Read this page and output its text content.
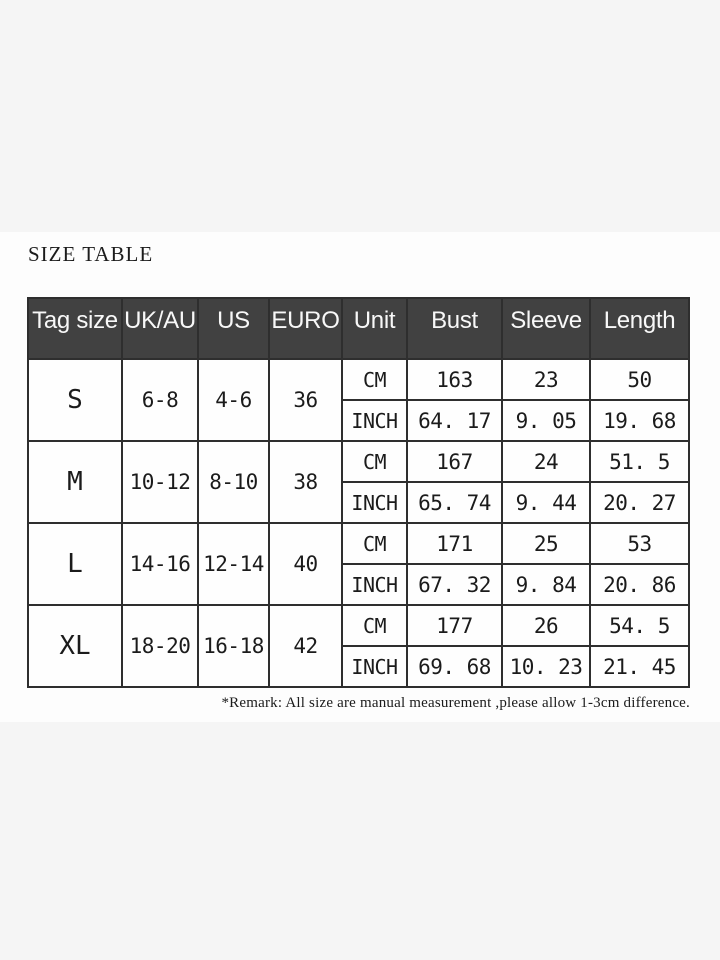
SIZE TABLE
Tag size	UK/AU	US	EURO	Unit	Bust	Sleeve	Length
S	6-8	4-6	36	CM	163	23	50
				INCH	64. 17	9. 05	19. 68
M	10-12	8-10	38	CM	167	24	51. 5
				INCH	65. 74	9. 44	20. 27
L	14-16	12-14	40	CM	171	25	53
				INCH	67. 32	9. 84	20. 86
XL	18-20	16-18	42	CM	177	26	54. 5
				INCH	69. 68	10. 23	21. 45

*Remark: All size are manual measurement ,please allow 1-3cm difference.
